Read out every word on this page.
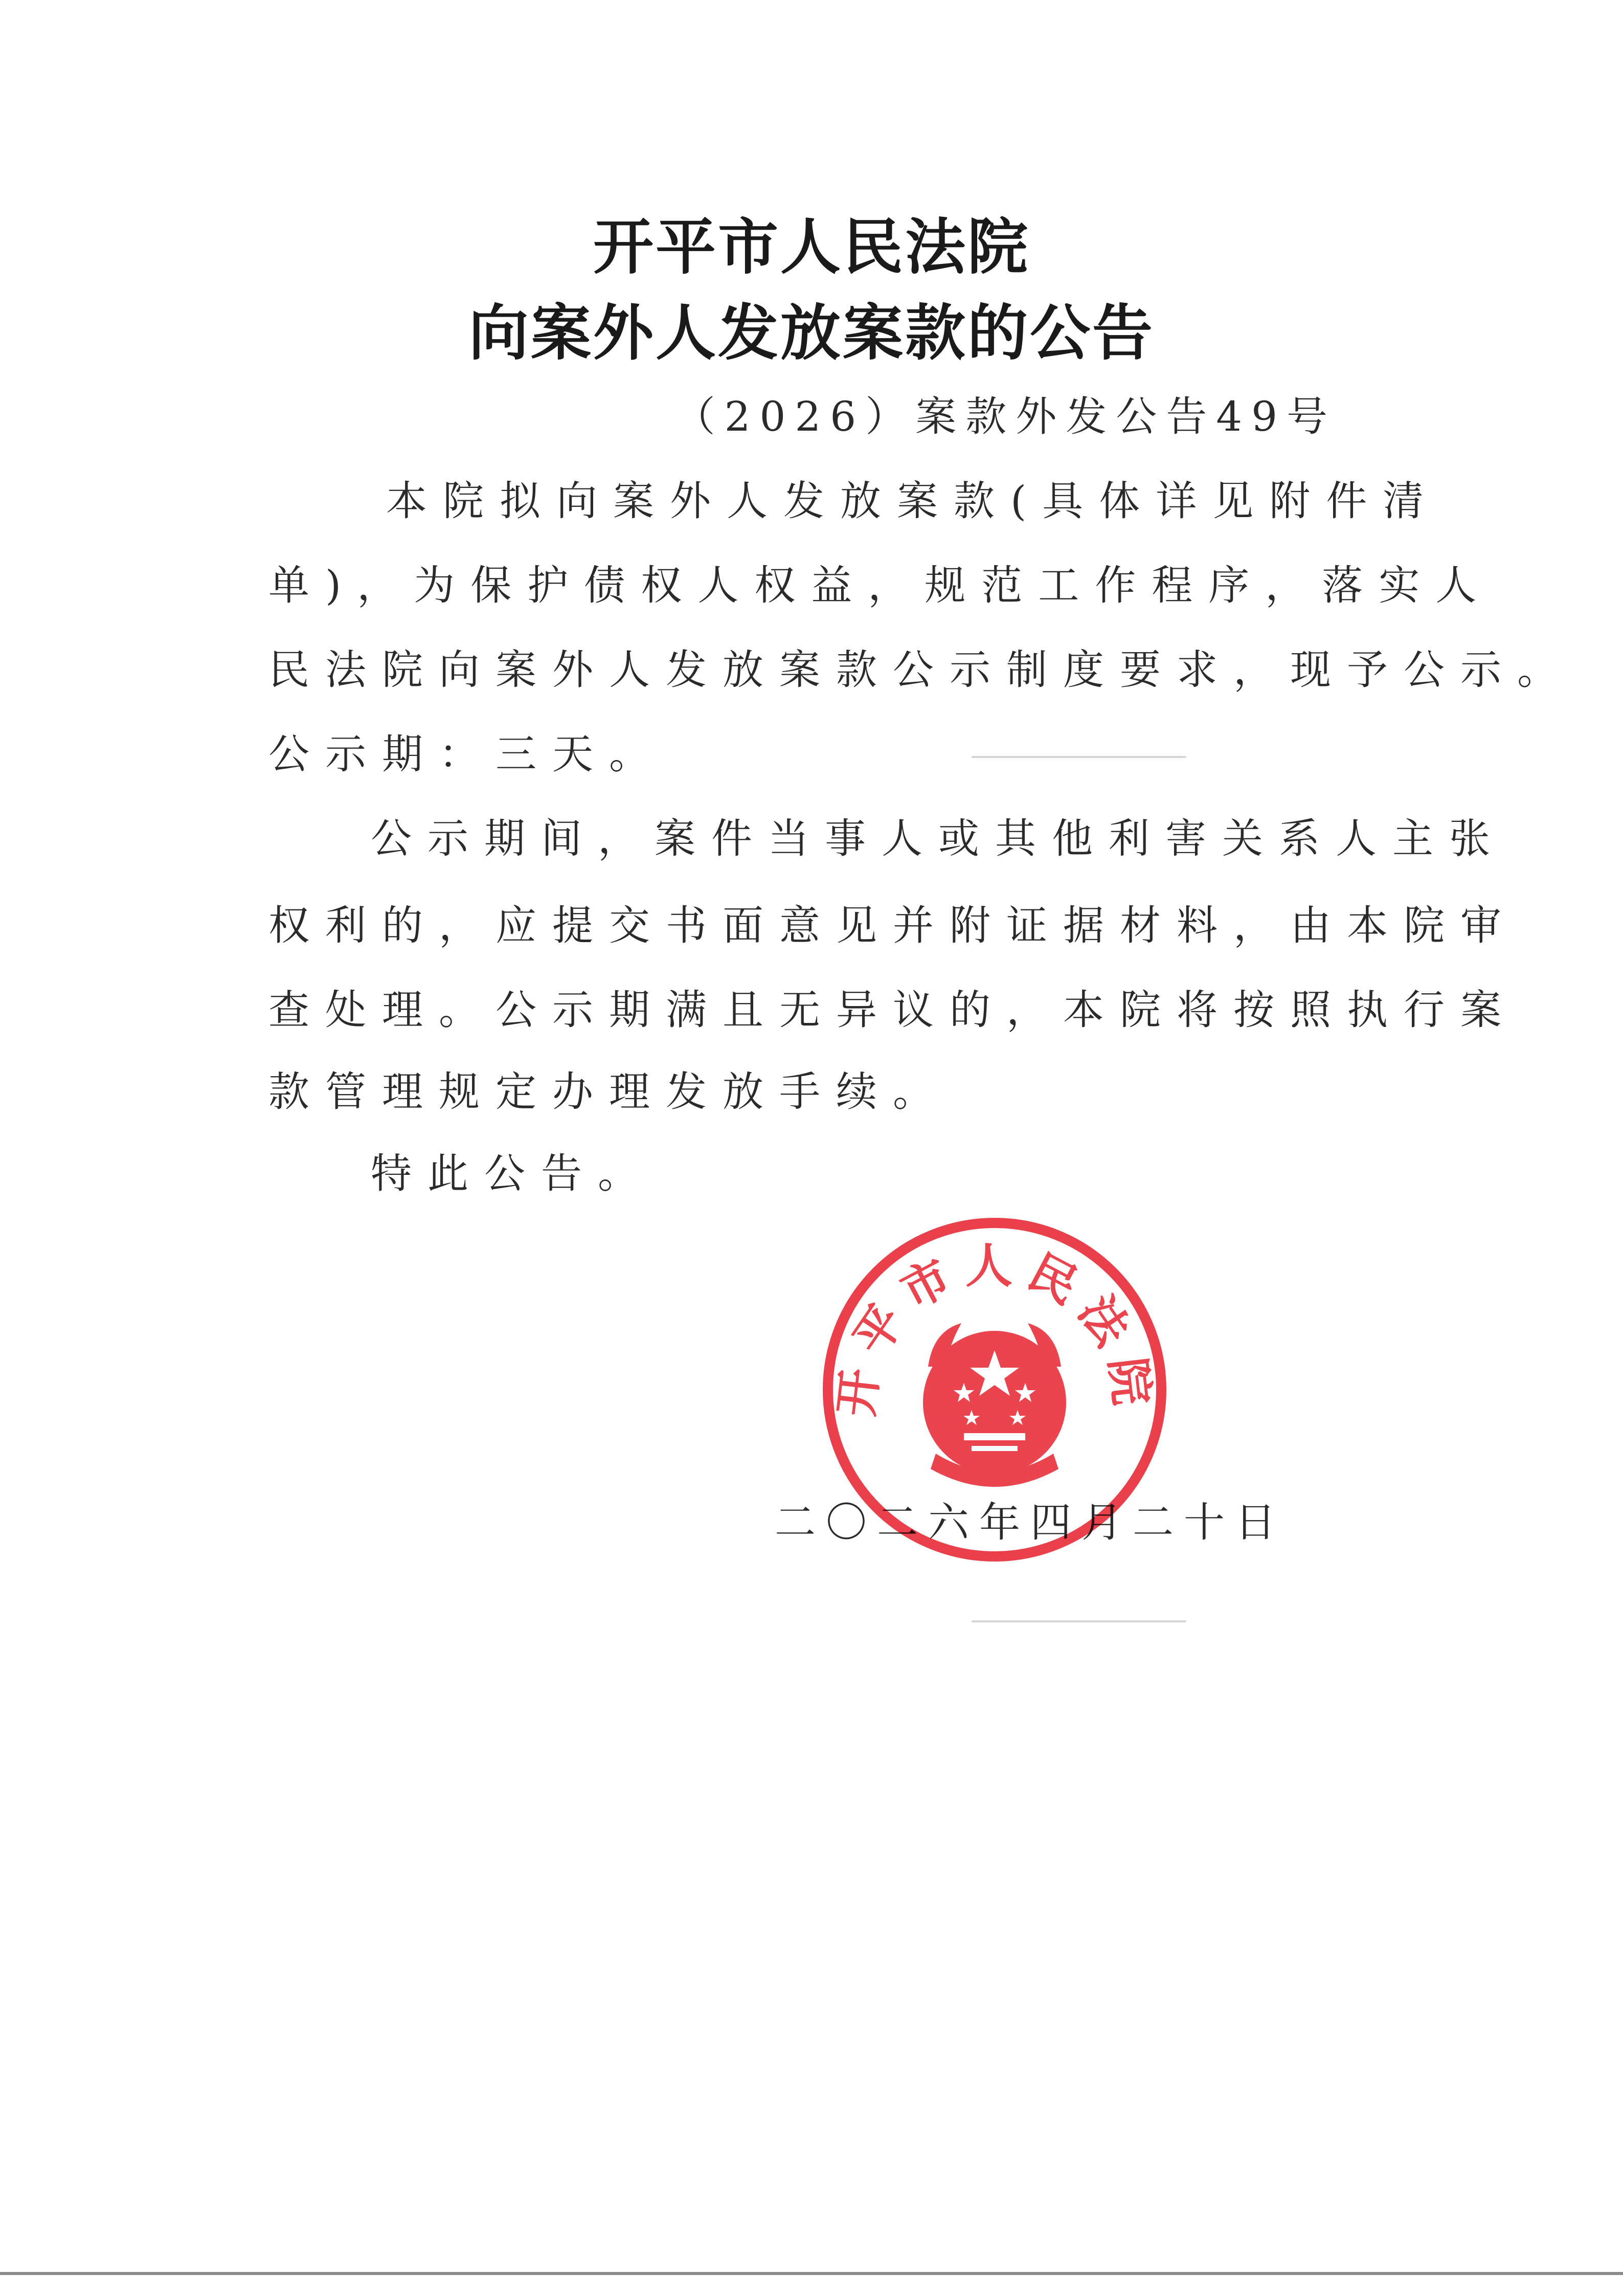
开平市人民法院
向案外人发放案款的公告
（2026）案款外发公告49号
本院拟向案外人发放案款(具体详见附件清
单)，为保护债权人权益，规范工作程序，落实人
民法院向案外人发放案款公示制度要求，现予公示。
公示期：三天。
公示期间，案件当事人或其他利害关系人主张
权利的，应提交书面意见并附证据材料，由本院审
查处理。公示期满且无异议的，本院将按照执行案
款管理规定办理发放手续。
特此公告。
二〇二六年四月二十日
开平市人民法院
